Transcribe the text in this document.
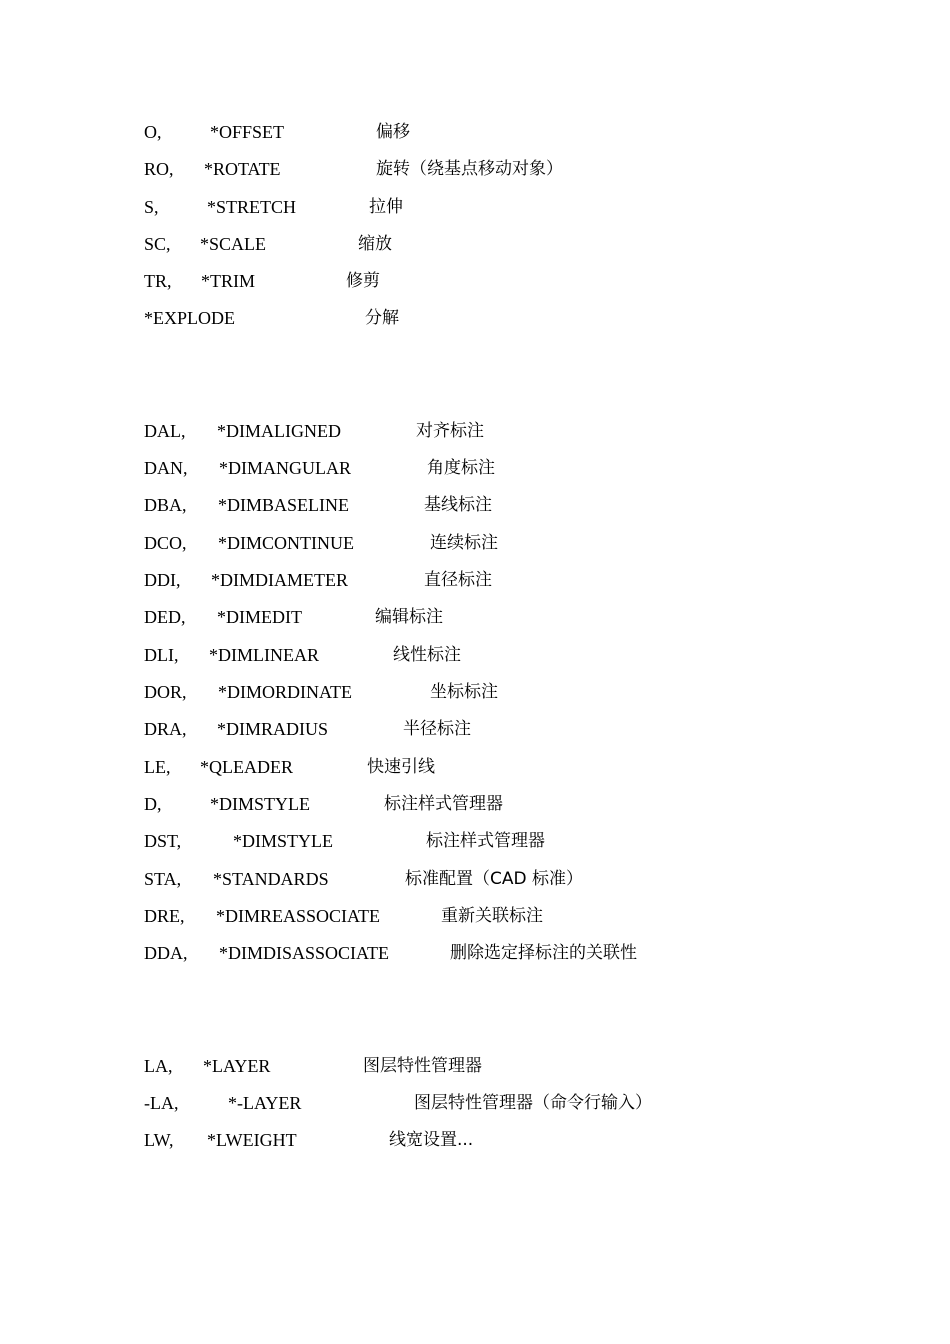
O,	*OFFSET	偏移
RO, *ROTATE	旋转（绕基点移动对象）
S,	*STRETCH	拉伸
SC, *SCALE	缩放
TR, *TRIM	修剪
*EXPLODE	分解
DAL, *DIMALIGNED	对齐标注
DAN, *DIMANGULAR	角度标注
DBA, *DIMBASELINE	基线标注
DCO, *DIMCONTINUE	连续标注
DDI, *DIMDIAMETER	直径标注
DED, *DIMEDIT	编辑标注
DLI, *DIMLINEAR	线性标注
DOR, *DIMORDINATE	坐标标注
DRA, *DIMRADIUS	半径标注
LE, *QLEADER	快速引线
D,	*DIMSTYLE	标注样式管理器
DST,	*DIMSTYLE	标注样式管理器
STA, *STANDARDS	标准配置（CAD 标准）
DRE, *DIMREASSOCIATE	重新关联标注
DDA, *DIMDISASSOCIATE	删除选定择标注的关联性
LA, *LAYER	图层特性管理器
-LA,	*-LAYER	图层特性管理器（命令行输入）
LW, *LWEIGHT	线宽设置...
